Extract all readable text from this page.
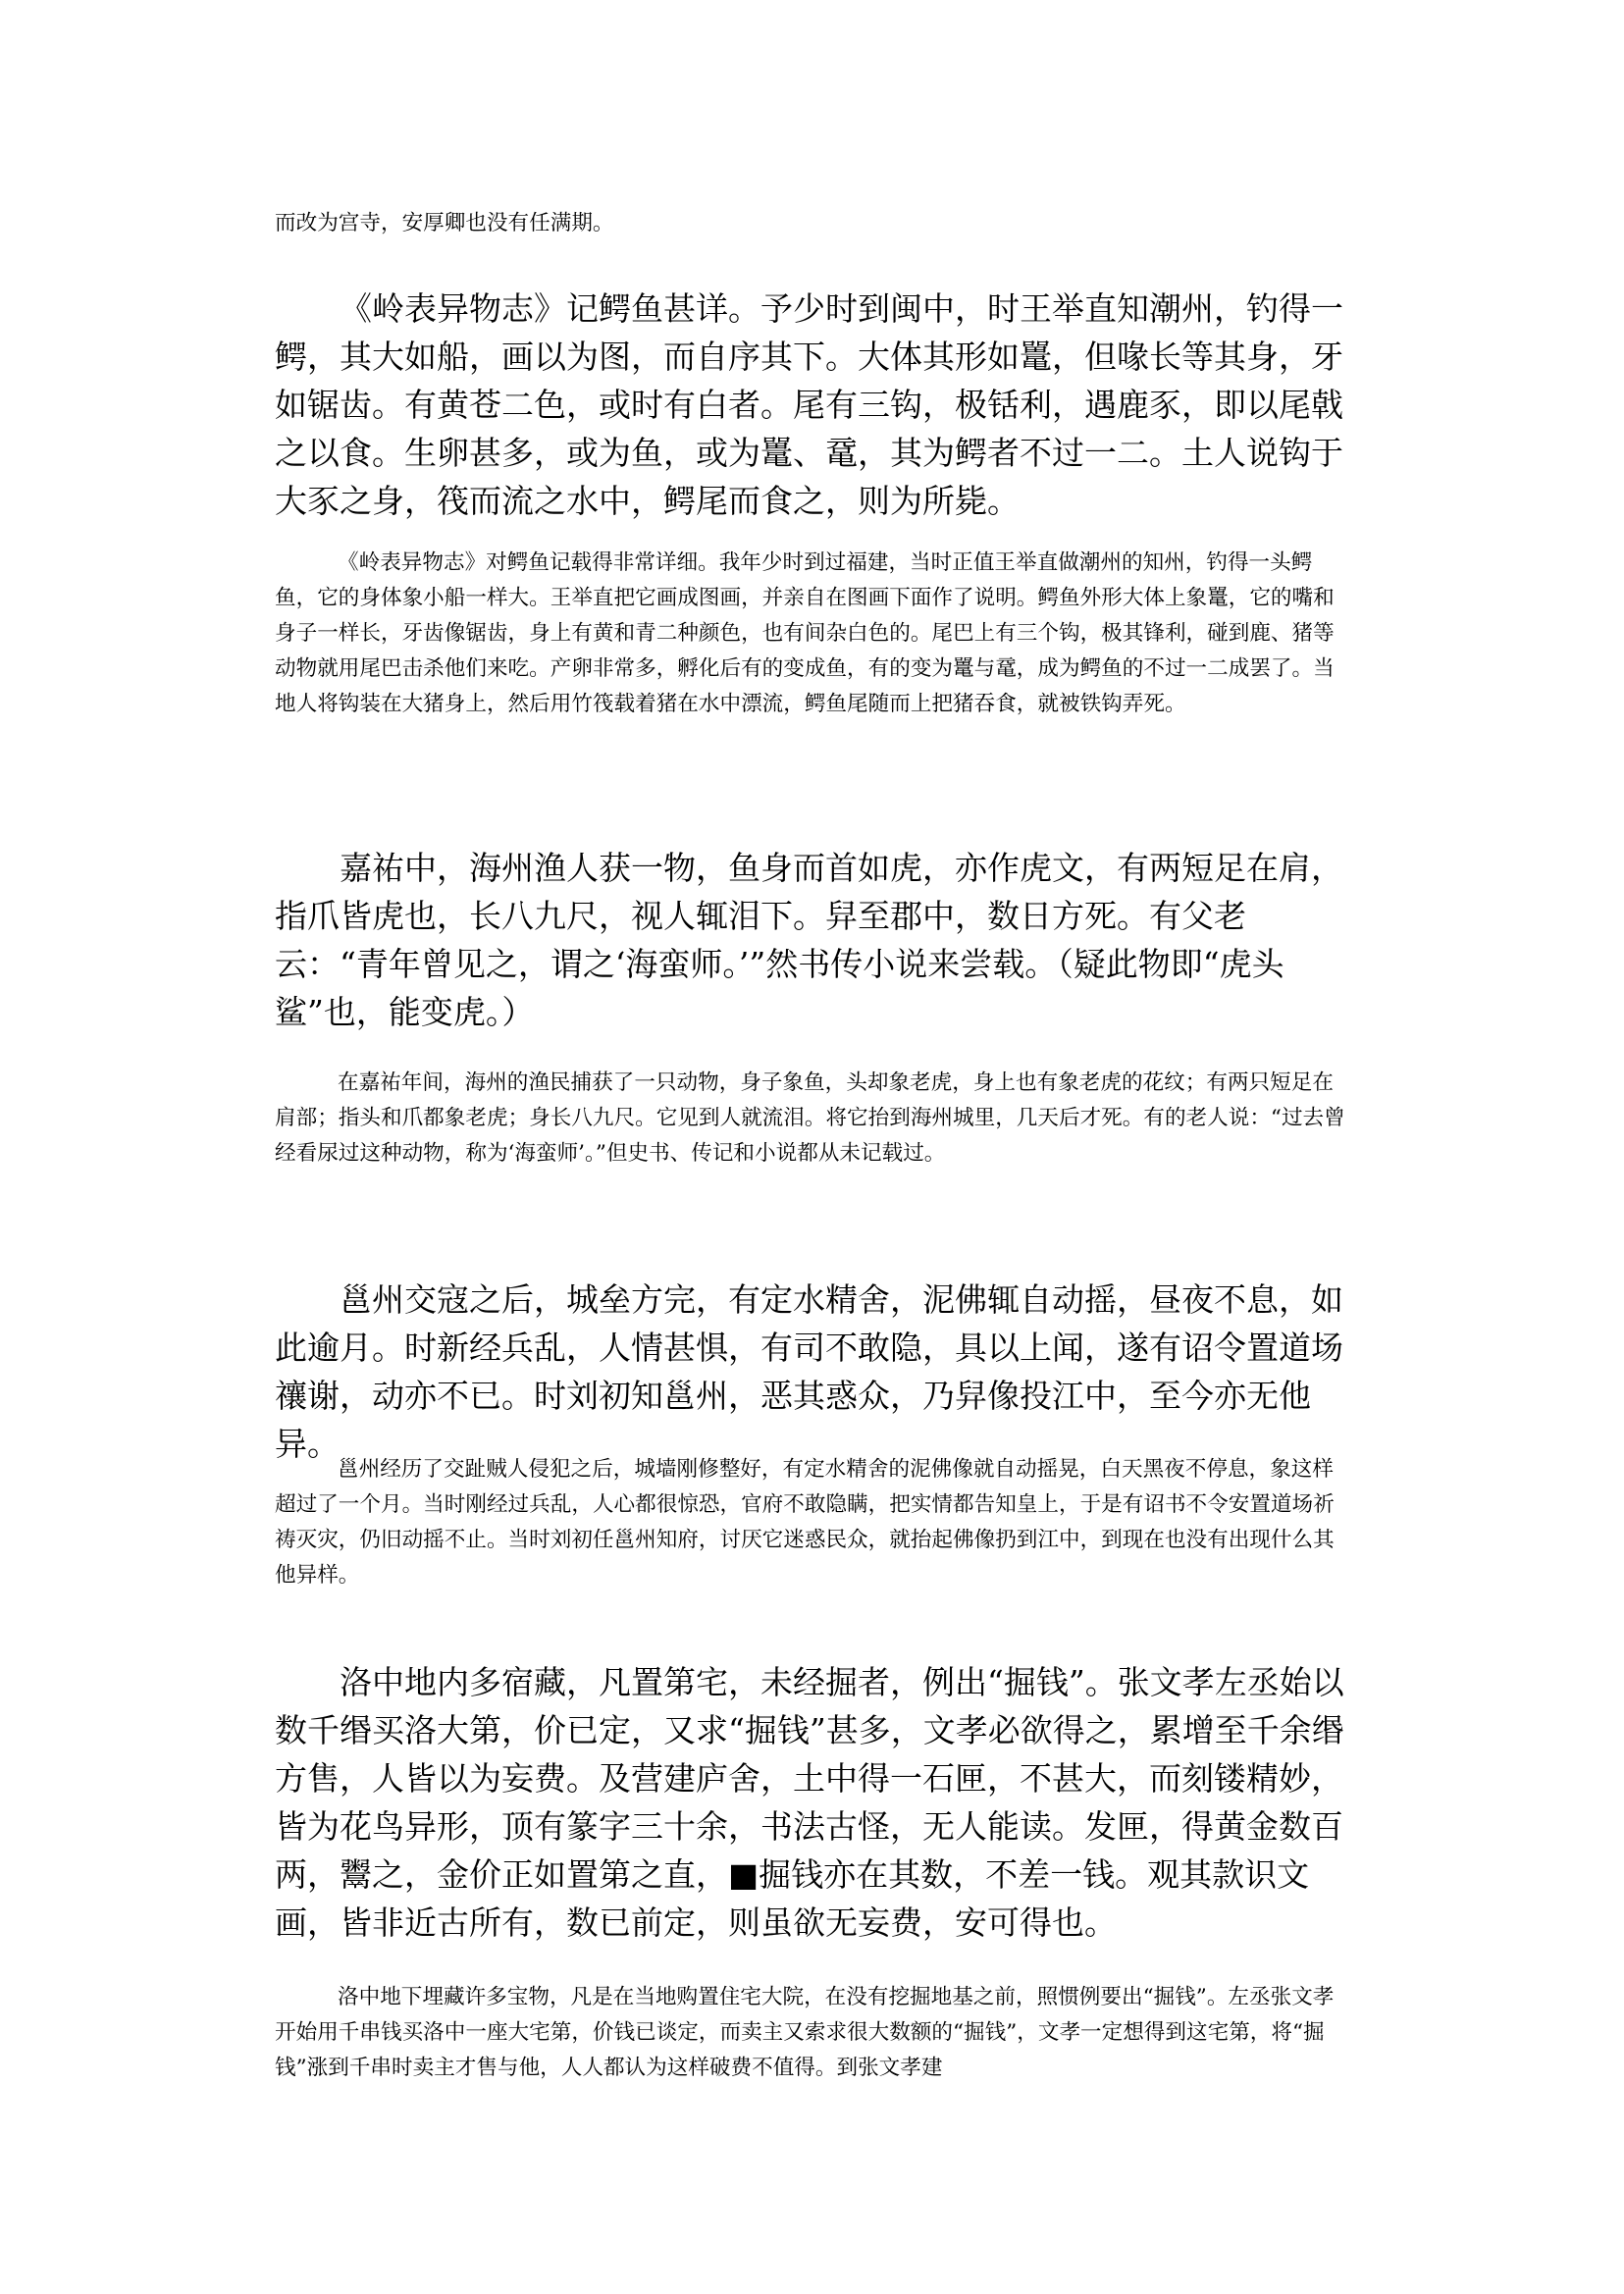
而改为宫寺，安厚卿也没有任满期。

《岭表异物志》记鳄鱼甚详。予少时到闽中，时王举直知潮州，钓得一鳄，其大如船，画以为图，而自序其下。大体其形如鼍，但喙长等其身，牙如锯齿。有黄苍二色，或时有白者。尾有三钩，极铦利，遇鹿豕，即以尾戟之以食。生卵甚多，或为鱼，或为鼍、鼋，其为鳄者不过一二。土人说钩于大豕之身，筏而流之水中，鳄尾而食之，则为所毙。

《岭表异物志》对鳄鱼记载得非常详细。我年少时到过福建，当时正值王举直做潮州的知州，钓得一头鳄鱼，它的身体象小船一样大。王举直把它画成图画，并亲自在图画下面作了说明。鳄鱼外形大体上象鼍，它的嘴和身子一样长，牙齿像锯齿，身上有黄和青二种颜色，也有间杂白色的。尾巴上有三个钩，极其锋利，碰到鹿、猪等动物就用尾巴击杀他们来吃。产卵非常多，孵化后有的变成鱼，有的变为鼍与鼋，成为鳄鱼的不过一二成罢了。当地人将钩装在大猪身上，然后用竹筏载着猪在水中漂流，鳄鱼尾随而上把猪吞食，就被铁钩弄死。

嘉祐中，海州渔人获一物，鱼身而首如虎，亦作虎文，有两短足在肩，指爪皆虎也，长八九尺，视人辄泪下。舁至郡中，数日方死。有父老云：“青年曾见之，谓之‘海蛮师。’”然书传小说来尝载。（疑此物即“虎头鲨”也，能变虎。）

在嘉祐年间，海州的渔民捕获了一只动物，身子象鱼，头却象老虎，身上也有象老虎的花纹；有两只短足在肩部；指头和爪都象老虎；身长八九尺。它见到人就流泪。将它抬到海州城里，几天后才死。有的老人说：“过去曾经看尿过这种动物，称为‘海蛮师’。”但史书、传记和小说都从未记载过。

邕州交寇之后，城垒方完，有定水精舍，泥佛辄自动摇，昼夜不息，如此逾月。时新经兵乱，人情甚惧，有司不敢隐，具以上闻，遂有诏令置道场禳谢，动亦不已。时刘初知邕州，恶其惑众，乃舁像投江中，至今亦无他异。

邕州经历了交趾贼人侵犯之后，城墙刚修整好，有定水精舍的泥佛像就自动摇晃，白天黑夜不停息，象这样超过了一个月。当时刚经过兵乱，人心都很惊恐，官府不敢隐瞒，把实情都告知皇上，于是有诏书不令安置道场祈祷灭灾，仍旧动摇不止。当时刘初任邕州知府，讨厌它迷惑民众，就抬起佛像扔到江中，到现在也没有出现什么其他异样。

洛中地内多宿藏，凡置第宅，未经掘者，例出“掘钱”。张文孝左丞始以数千缗买洛大第，价已定，又求“掘钱”甚多，文孝必欲得之，累增至千余缗方售，人皆以为妄费。及营建庐舍，土中得一石匣，不甚大，而刻镂精妙，皆为花鸟异形，顶有篆字三十余，书法古怪，无人能读。发匣，得黄金数百两，鬻之，金价正如置第之直，■掘钱亦在其数，不差一钱。观其款识文画，皆非近古所有，数已前定，则虽欲无妄费，安可得也。

洛中地下埋藏许多宝物，凡是在当地购置住宅大院，在没有挖掘地基之前，照惯例要出“掘钱”。左丞张文孝开始用千串钱买洛中一座大宅第，价钱已谈定，而卖主又索求很大数额的“掘钱”，文孝一定想得到这宅第，将“掘钱”涨到千串时卖主才售与他，人人都认为这样破费不值得。到张文孝建
